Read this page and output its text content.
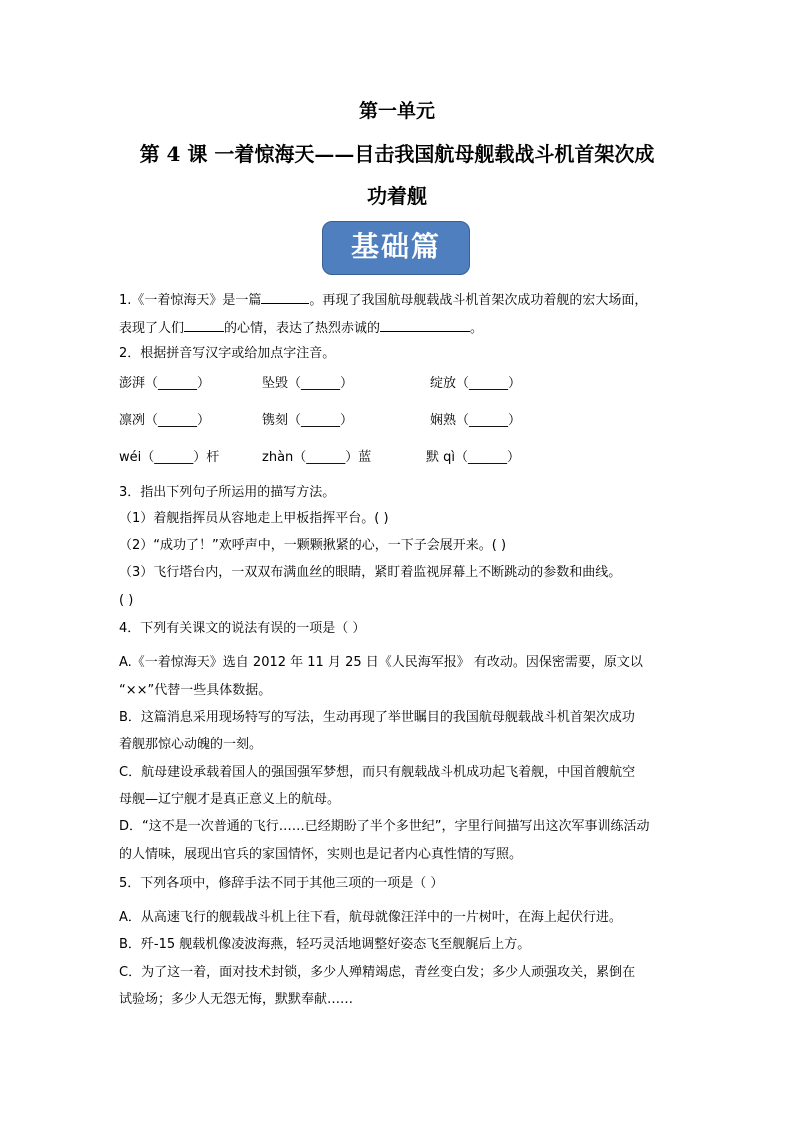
第一单元
第 4 课 一着惊海天——目击我国航母舰载战斗机首架次成
功着舰
基础篇
1.《一着惊海天》是一篇	。再现了我国航母舰载战斗机首架次成功着舰的宏大场面，
表现了人们	的心情，表达了热烈赤诚的	。
2．根据拼音写汉字或给加点字注音。
澎湃（______）	坠毁（______）	绽放（______）
凛冽（______）	镌刻（______）	娴熟（______）
wéi（______）杆	zhàn（______）蓝	默 qì（______）
3．指出下列句子所运用的描写方法。
（1）着舰指挥员从容地走上甲板指挥平台。( )
（2）“成功了！”欢呼声中，一颗颗揪紧的心，一下子会展开来。( )
（3）飞行塔台内，一双双布满血丝的眼睛，紧盯着监视屏幕上不断跳动的参数和曲线。
( )
4．下列有关课文的说法有误的一项是（ ）
A.《一着惊海天》选自 2012 年 11 月 25 日《人民海军报》 有改动。因保密需要，原文以
“××”代替一些具体数据。
B．这篇消息采用现场特写的写法，生动再现了举世瞩目的我国航母舰载战斗机首架次成功
着舰那惊心动魄的一刻。
C．航母建设承载着国人的强国强军梦想，而只有舰载战斗机成功起飞着舰，中国首艘航空
母舰—辽宁舰才是真正意义上的航母。
D．“这不是一次普通的飞行……已经期盼了半个多世纪”，字里行间描写出这次军事训练活动
的人情味，展现出官兵的家国情怀，实则也是记者内心真性情的写照。
5．下列各项中，修辞手法不同于其他三项的一项是（ ）
A．从高速飞行的舰载战斗机上往下看，航母就像汪洋中的一片树叶，在海上起伏行进。
B．歼-15 舰载机像凌波海燕，轻巧灵活地调整好姿态飞至舰艉后上方。
C．为了这一着，面对技术封锁，多少人殚精竭虑，青丝变白发；多少人顽强攻关，累倒在
试验场；多少人无怨无悔，默默奉献……
